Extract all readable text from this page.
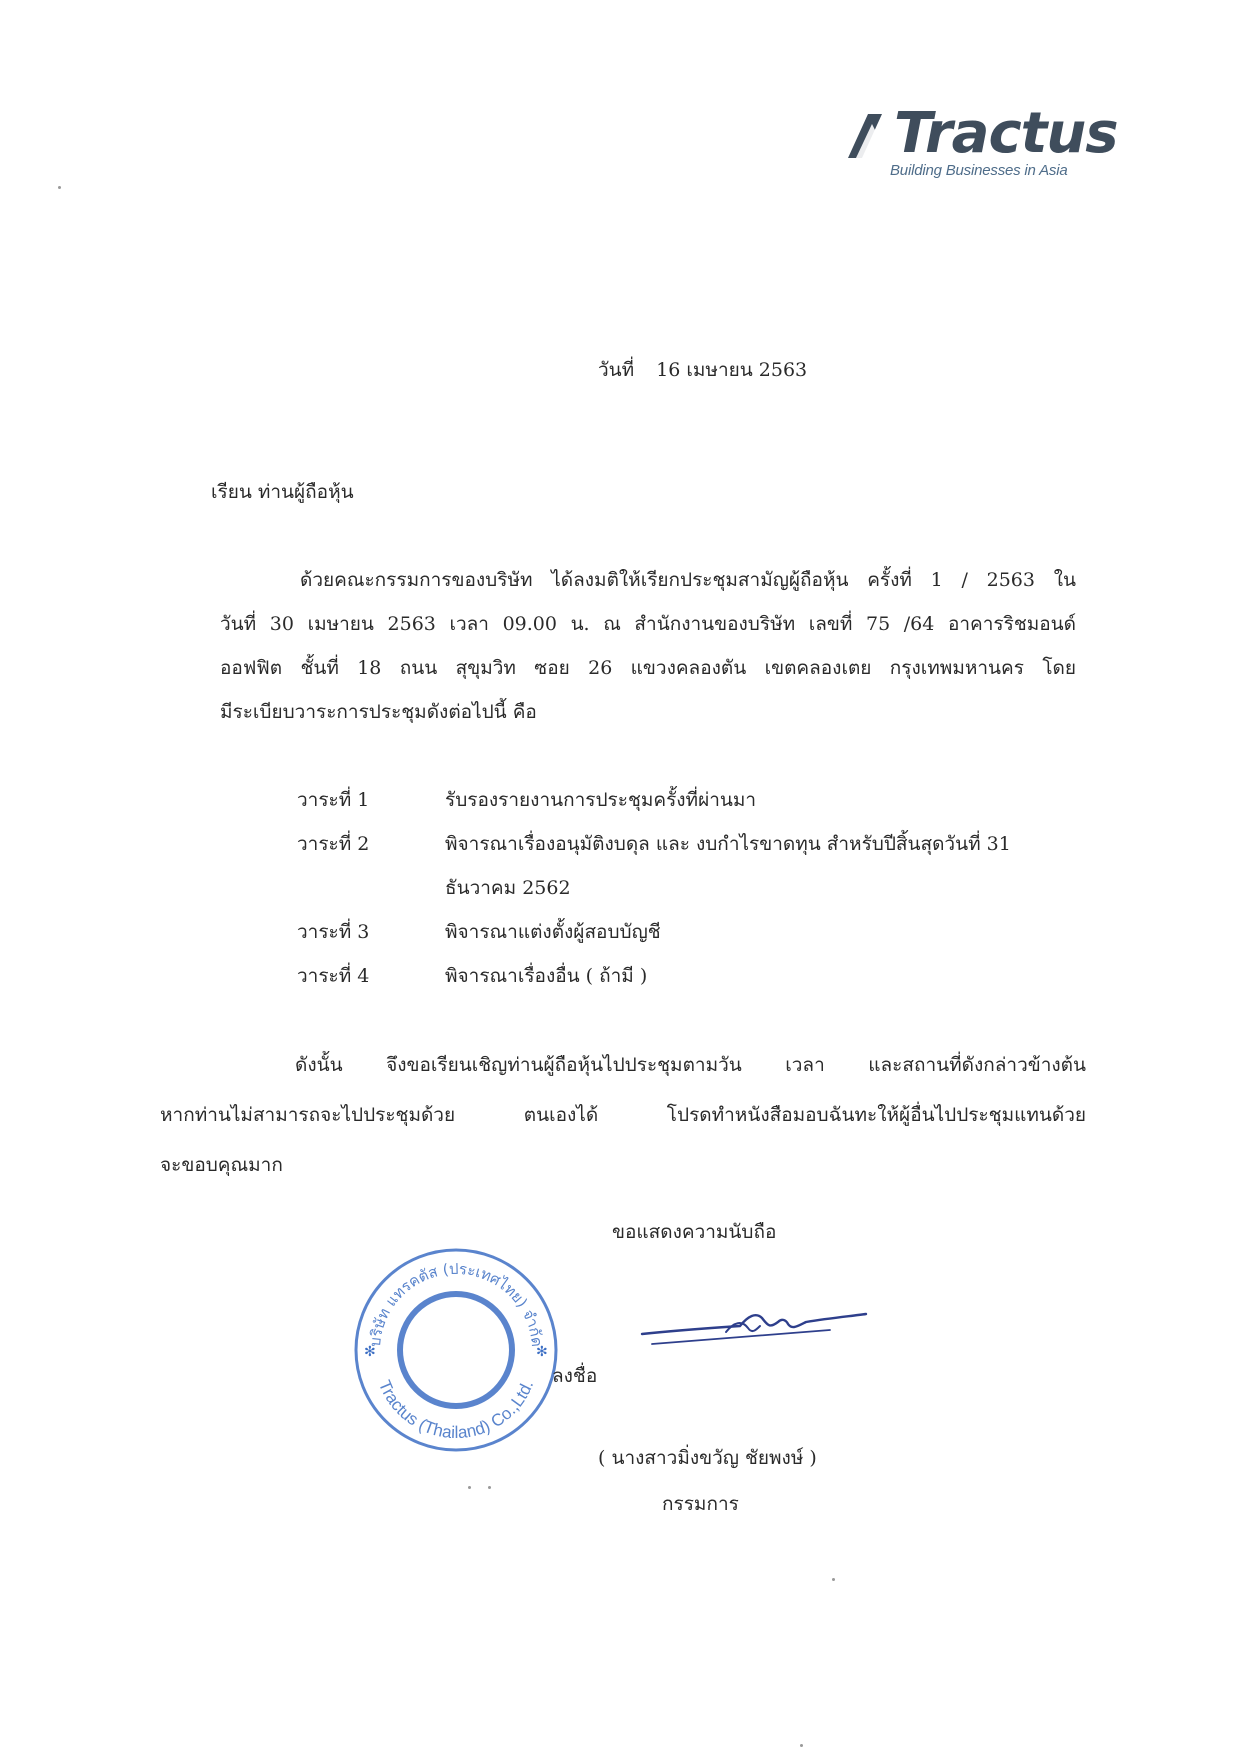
Tractus
Building Businesses in Asia
วันที่ 16 เมษายน 2563
เรียน ท่านผู้ถือหุ้น
ด้วยคณะกรรมการของบริษัท ได้ลงมติให้เรียกประชุมสามัญผู้ถือหุ้น ครั้งที่ 1 / 2563 ใน
วันที่ 30 เมษายน 2563 เวลา 09.00 น. ณ สำนักงานของบริษัท เลขที่ 75 /64 อาคารริชมอนด์
ออฟฟิต ชั้นที่ 18 ถนน สุขุมวิท ซอย 26 แขวงคลองตัน เขตคลองเตย กรุงเทพมหานคร โดย
มีระเบียบวาระการประชุมดังต่อไปนี้ คือ
วาระที่ 1	รับรองรายงานการประชุมครั้งที่ผ่านมา
วาระที่ 2	พิจารณาเรื่องอนุมัติงบดุล และ งบกำไรขาดทุน สำหรับปีสิ้นสุดวันที่ 31 ธันวาคม 2562
วาระที่ 3	พิจารณาแต่งตั้งผู้สอบบัญชี
วาระที่ 4	พิจารณาเรื่องอื่น ( ถ้ามี )
ดังนั้น จึงขอเรียนเชิญท่านผู้ถือหุ้นไปประชุมตามวัน เวลา และสถานที่ดังกล่าวข้างต้น
หากท่านไม่สามารถจะไปประชุมด้วย ตนเองได้ โปรดทำหนังสือมอบฉันทะให้ผู้อื่นไปประชุมแทนด้วย
จะขอบคุณมาก
ขอแสดงความนับถือ
บริษัท แทรคตัส (ประเทศไทย) จำกัด
Tractus (Thailand) Co.,Ltd.
✻	✻
ลงชื่อ
( นางสาวมิ่งขวัญ ชัยพงษ์ )
กรรมการ
